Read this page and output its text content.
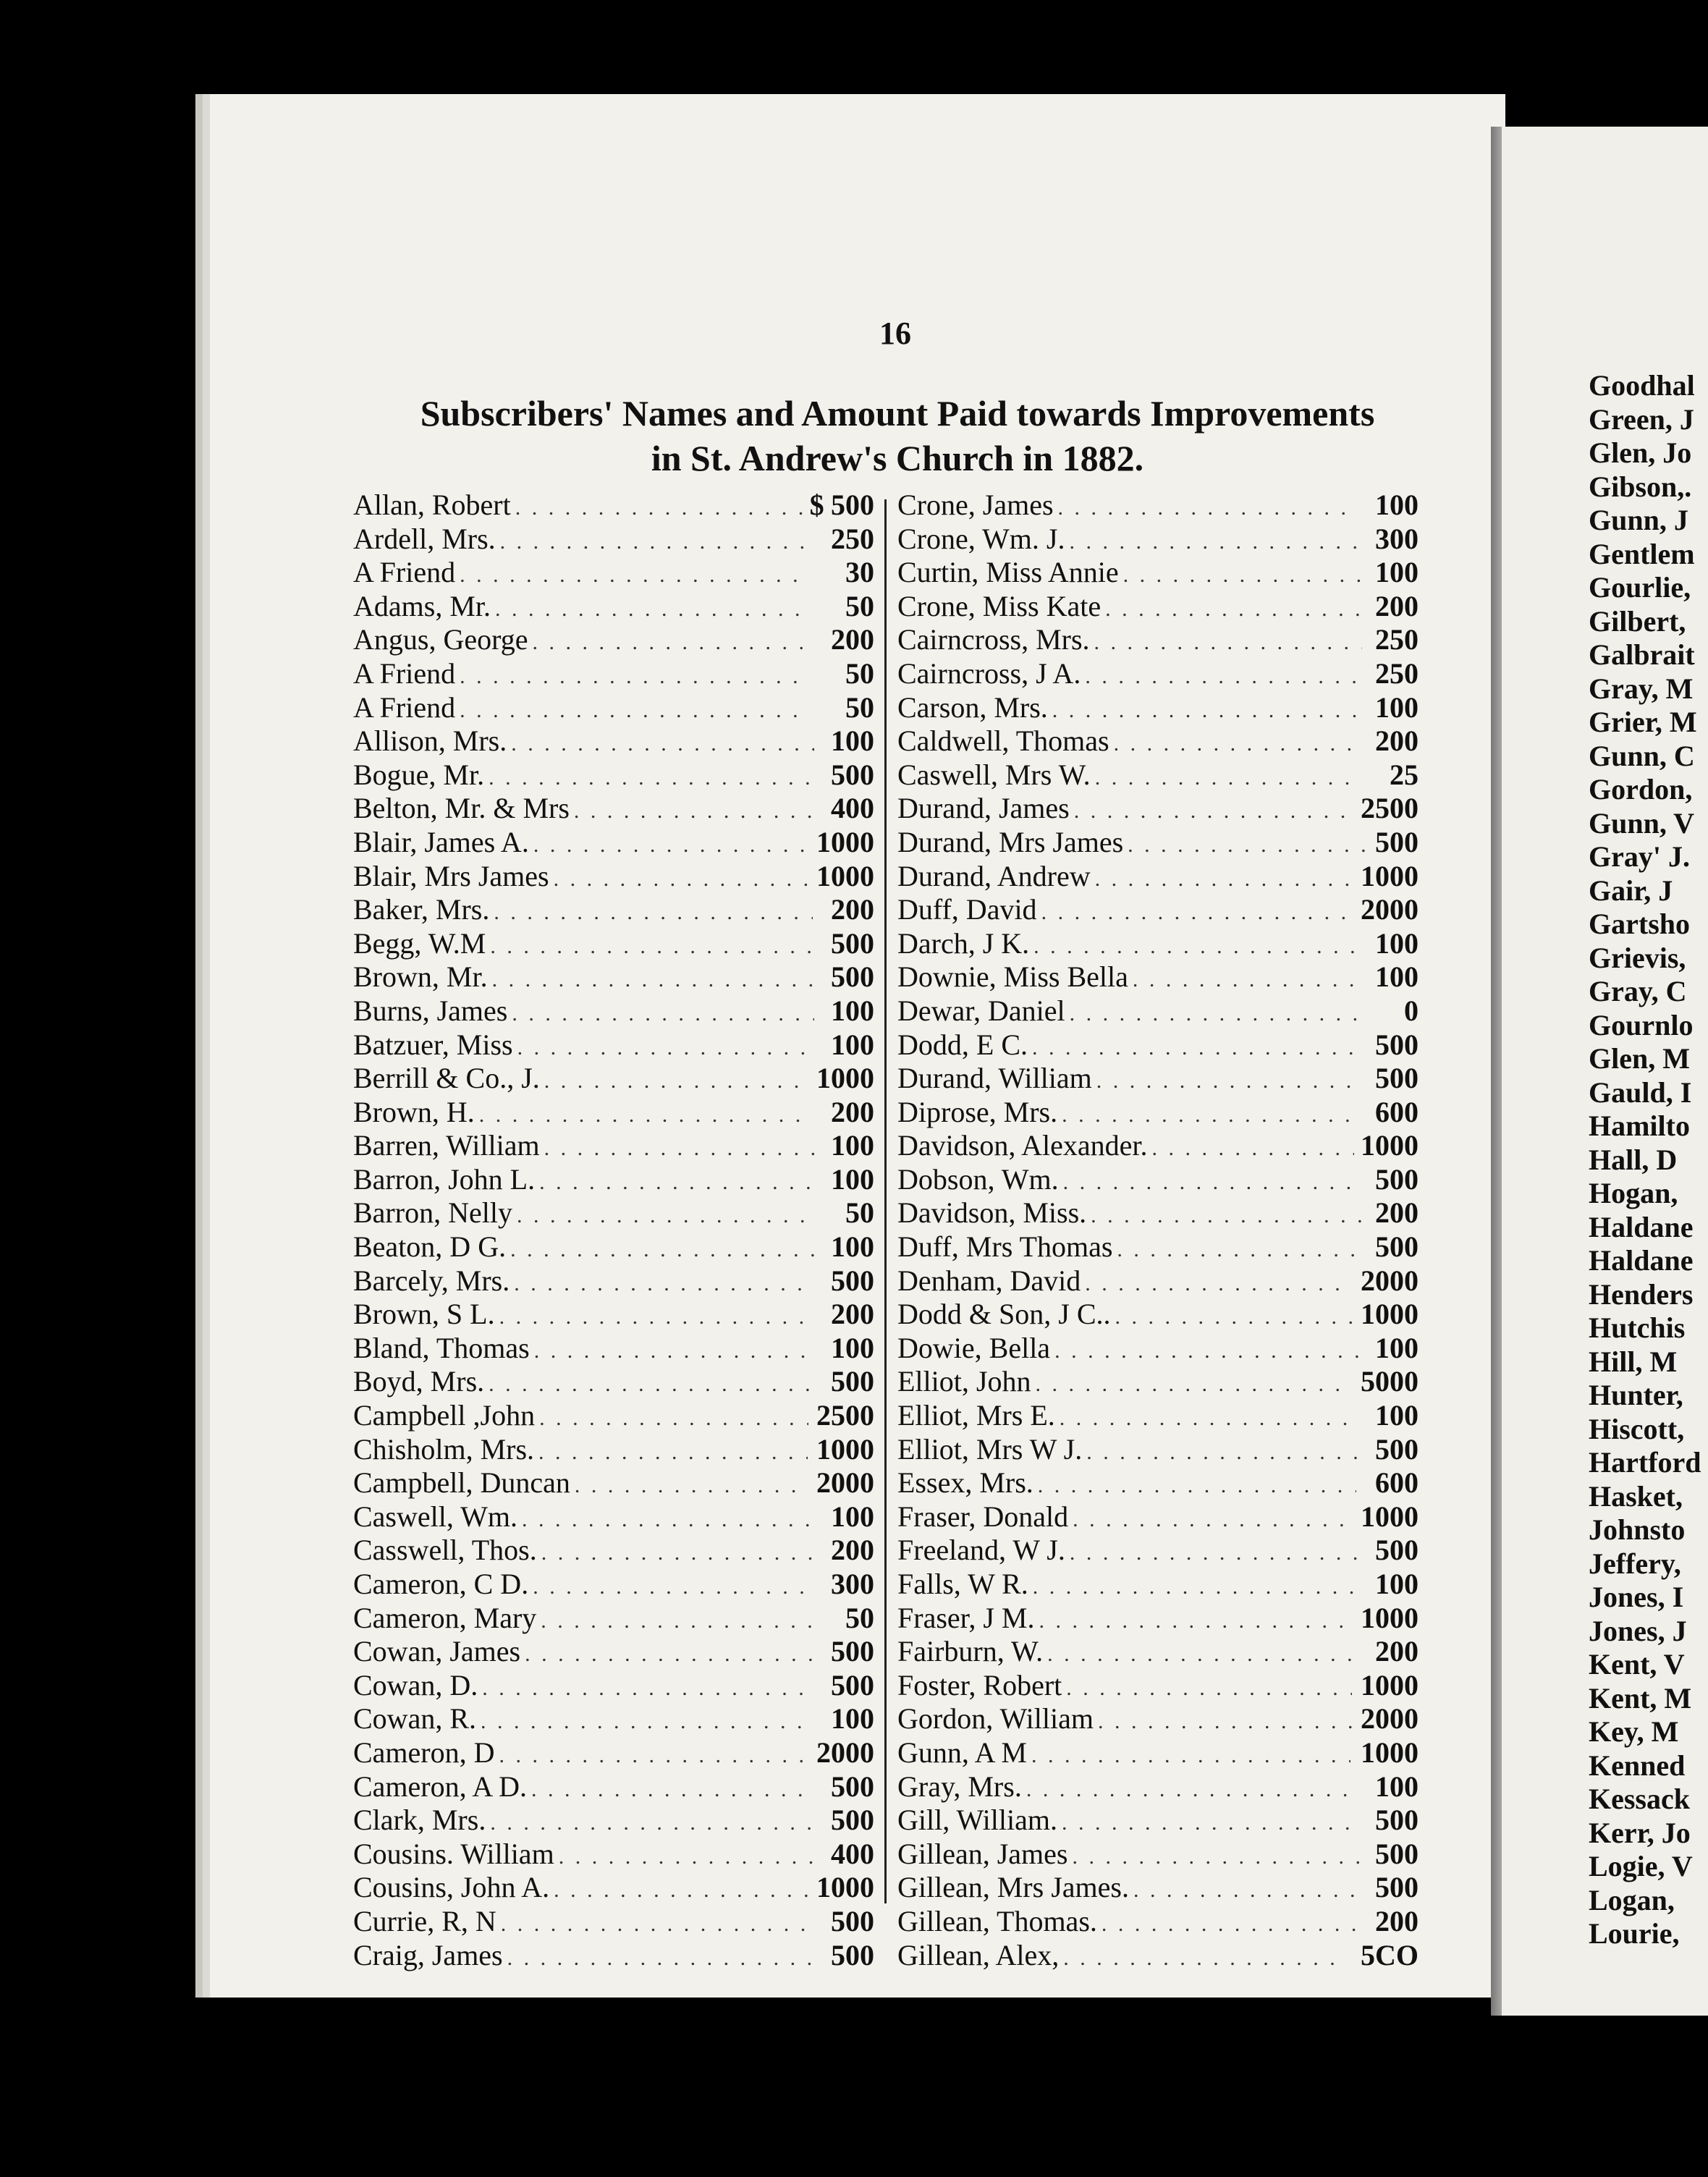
16
Subscribers' Names and Amount Paid towards Improvements
in St. Andrew's Church in 1882.
Allan, Robert . . .	$ 5 00
Ardell, Mrs. . . .	2 50
A Friend . . .	30
Adams, Mr. . . .	50
Angus, George . . .	2 00
A Friend . . .	50
A Friend . . .	50
Allison, Mrs. . . .	1 00
Bogue, Mr. . . .	5 00
Belton, Mr. & Mrs . . .	4 00
Blair, James A. . . .	10 00
Blair, Mrs James . . .	10 00
Baker, Mrs. . . .	2 00
Begg, W.M . . .	5 00
Brown, Mr. . . .	5 00
Burns, James . . .	1 00
Batzuer, Miss . . .	1 00
Berrill & Co., J. . . .	10 00
Brown, H. . . .	2 00
Barren, William . . .	1 00
Barron, John L. . . .	1 00
Barron, Nelly . . .	50
Beaton, D G. . . .	1 00
Barcely, Mrs. . . .	5 00
Brown, S L. . . .	2 00
Bland, Thomas . . .	1 00
Boyd, Mrs. . . .	5 00
Campbell ,John . . .	25 00
Chisholm, Mrs. . . .	10 00
Campbell, Duncan . . .	20 00
Caswell, Wm. . . .	1 00
Casswell, Thos. . . .	2 00
Cameron, C D. . . .	3 00
Cameron, Mary . . .	50
Cowan, James . . .	5 00
Cowan, D. . . .	5 00
Cowan, R. . . .	1 00
Cameron, D . . .	20 00
Cameron, A D. . . .	5 00
Clark, Mrs. . . .	5 00
Cousins. William . . .	4 00
Cousins, John A. . . .	10 00
Currie, R, N . . .	5 00
Craig, James . . .	5 00
Crone, James . . .	1 00
Crone, Wm. J. . . .	3 00
Curtin, Miss Annie . . .	1 00
Crone, Miss Kate . . .	2 00
Cairncross, Mrs. . . .	2 50
Cairncross, J A. . . .	2 50
Carson, Mrs. . . .	1 00
Caldwell, Thomas . . .	2 00
Caswell, Mrs W. . . .	25
Durand, James . . .	25 00
Durand, Mrs James . . .	5 00
Durand, Andrew . . .	10 00
Duff, David . . .	20 00
Darch, J K. . . .	1 00
Downie, Miss Bella . . .	1 00
Dewar, Daniel . . .	0
Dodd, E C. . . .	5 00
Durand, William . . .	5 00
Diprose, Mrs. . . .	6 00
Davidson, Alexander. . . .	10 00
Dobson, Wm. . . .	5 00
Davidson, Miss. . . .	2 00
Duff, Mrs Thomas . . .	5 00
Denham, David . . .	20 00
Dodd & Son, J C.. . . .	10 00
Dowie, Bella . . .	1 00
Elliot, John . . .	50 00
Elliot, Mrs E. . . .	1 00
Elliot, Mrs W J. . . .	5 00
Essex, Mrs. . . .	6 00
Fraser, Donald . . .	10 00
Freeland, W J. . . .	5 00
Falls, W R. . . .	1 00
Fraser, J M. . . .	10 00
Fairburn, W. . . .	2 00
Foster, Robert . . .	10 00
Gordon, William . . .	20 00
Gunn, A M . . .	10 00
Gray, Mrs. . . .	1 00
Gill, William. . . .	5 00
Gillean, James . . .	5 00
Gillean, Mrs James. . . .	5 00
Gillean, Thomas. . . .	2 00
Gillean, Alex, . . .	5 CO
Goodhal
Green, J
Glen, Jo
Gibson,.
Gunn, J
Gentlem
Gourlie,
Gilbert,
Galbrait
Gray, M
Grier, M
Gunn, C
Gordon,
Gunn, V
Gray' J.
Gair, J
Gartsho
Grievis,
Gray, C
Gournlo
Glen, M
Gauld, I
Hamilto
Hall, D
Hogan,
Haldane
Haldane
Henders
Hutchis
Hill, M
Hunter,
Hiscott,
Hartford
Hasket,
Johnsto
Jeffery,
Jones, I
Jones, J
Kent, V
Kent, M
Key, M
Kenned
Kessack
Kerr, Jo
Logie, V
Logan,
Lourie,
